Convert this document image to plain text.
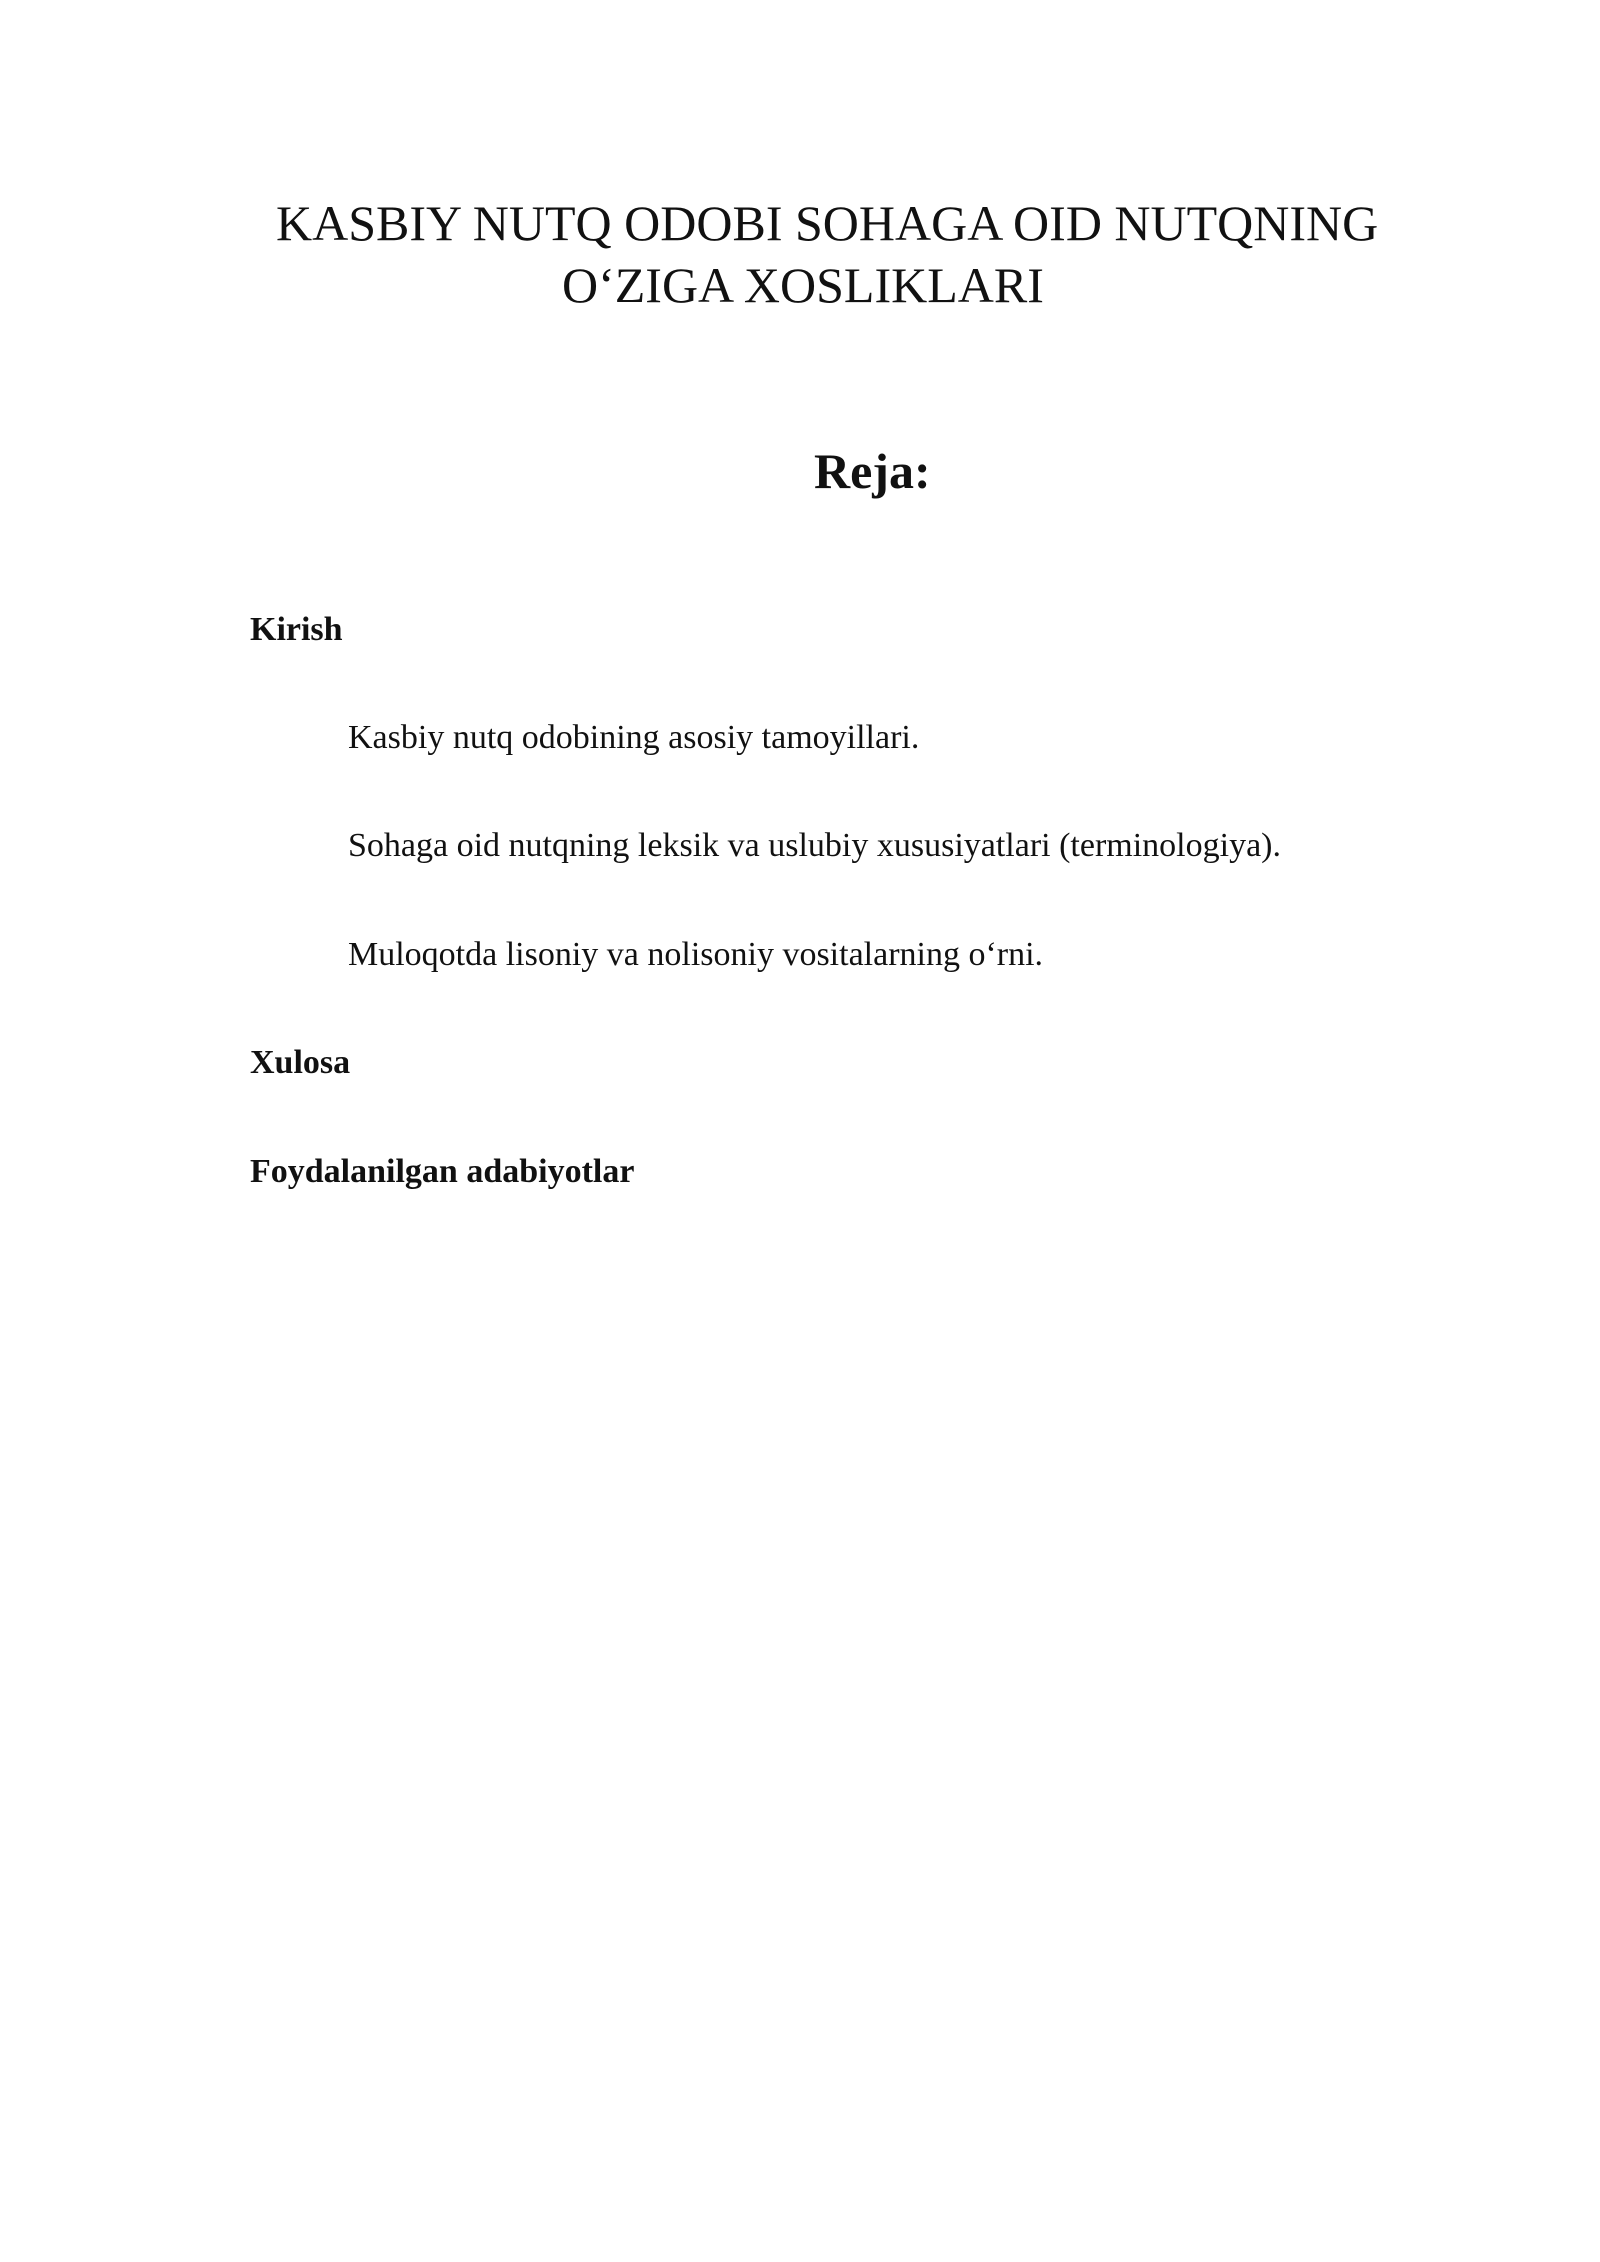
KASBIY NUTQ ODOBI SOHAGA OID NUTQNING
O‘ZIGA XOSLIKLARI
Reja:

Kirish

Kasbiy nutq odobining asosiy tamoyillari.

Sohaga oid nutqning leksik va uslubiy xususiyatlari (terminologiya).

Muloqotda lisoniy va nolisoniy vositalarning o‘rni.

Xulosa

Foydalanilgan adabiyotlar
